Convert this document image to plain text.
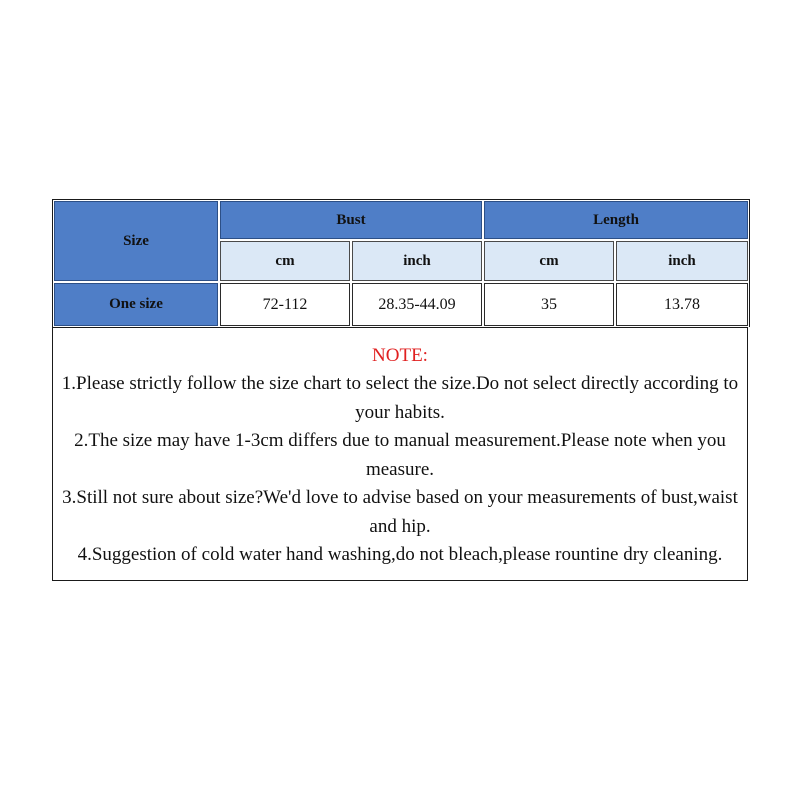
Size	Bust		Length	

cm	inch	cm	inch

One size	72-112	28.35-44.09	35	13.78
NOTE:

1.Please strictly follow the size chart to select the size.Do not select directly according to your habits.

2.The size may have 1-3cm differs due to manual measurement.Please note when you measure.

3.Still not sure about size?We'd love to advise based on your measurements of bust,waist and hip.

4.Suggestion of cold water hand washing,do not bleach,please rountine dry cleaning.
